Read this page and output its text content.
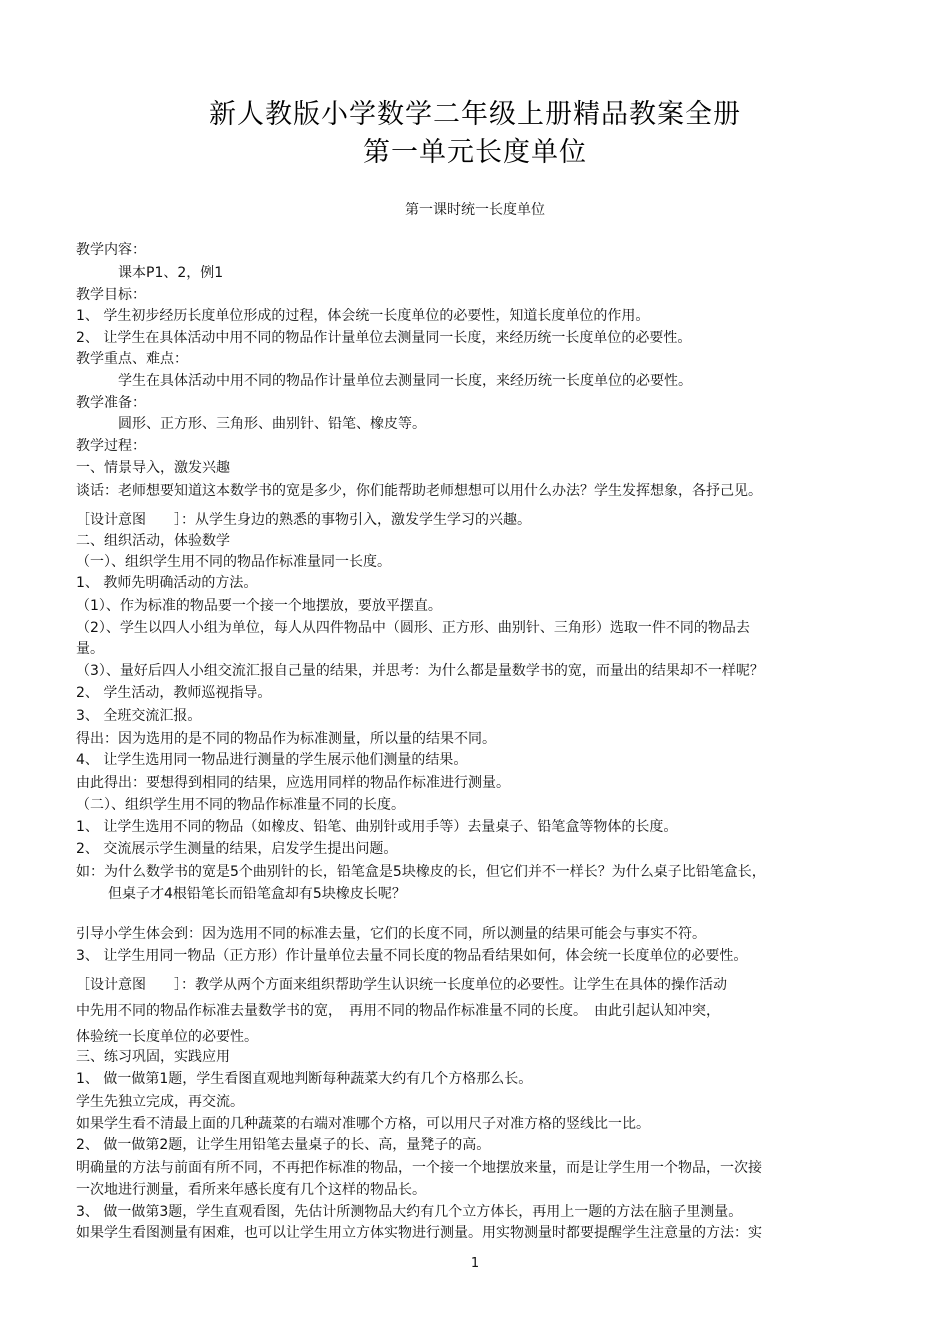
新人教版小学数学二年级上册精品教案全册
第一单元长度单位
第一课时统一长度单位
教学内容：
课本P1、2，例1
教学目标：
1、 学生初步经历长度单位形成的过程，体会统一长度单位的必要性，知道长度单位的作用。
2、 让学生在具体活动中用不同的物品作计量单位去测量同一长度，来经历统一长度单位的必要性。
教学重点、难点：
学生在具体活动中用不同的物品作计量单位去测量同一长度，来经历统一长度单位的必要性。
教学准备：
圆形、正方形、三角形、曲别针、铅笔、橡皮等。
教学过程：
一、情景导入，激发兴趣
谈话：老师想要知道这本数学书的宽是多少，你们能帮助老师想想可以用什么办法？学生发挥想象，各抒己见。
［设计意图　　］：从学生身边的熟悉的事物引入，激发学生学习的兴趣。
二、组织活动，体验数学
（一）、组织学生用不同的物品作标准量同一长度。
1、 教师先明确活动的方法。
（1）、作为标准的物品要一个接一个地摆放，要放平摆直。
（2）、学生以四人小组为单位，每人从四件物品中（圆形、正方形、曲别针、三角形）选取一件不同的物品去
量。
（3）、量好后四人小组交流汇报自己量的结果，并思考：为什么都是量数学书的宽，而量出的结果却不一样呢？
2、 学生活动，教师巡视指导。
3、 全班交流汇报。
得出：因为选用的是不同的物品作为标准测量，所以量的结果不同。
4、 让学生选用同一物品进行测量的学生展示他们测量的结果。
由此得出：要想得到相同的结果，应选用同样的物品作标准进行测量。
（二）、组织学生用不同的物品作标准量不同的长度。
1、 让学生选用不同的物品（如橡皮、铅笔、曲别针或用手等）去量桌子、铅笔盒等物体的长度。
2、 交流展示学生测量的结果，启发学生提出问题。
如：为什么数学书的宽是5个曲别针的长，铅笔盒是5块橡皮的长，但它们并不一样长？为什么桌子比铅笔盒长，
但桌子才4根铅笔长而铅笔盒却有5块橡皮长呢？
引导小学生体会到：因为选用不同的标准去量，它们的长度不同，所以测量的结果可能会与事实不符。
3、 让学生用同一物品（正方形）作计量单位去量不同长度的物品看结果如何，体会统一长度单位的必要性。
［设计意图　　］：教学从两个方面来组织帮助学生认识统一长度单位的必要性。让学生在具体的操作活动
中先用不同的物品作标准去量数学书的宽，　再用不同的物品作标准量不同的长度。　由此引起认知冲突，
体验统一长度单位的必要性。
三、练习巩固，实践应用
1、 做一做第1题，学生看图直观地判断每种蔬菜大约有几个方格那么长。
学生先独立完成，再交流。
如果学生看不清最上面的几种蔬菜的右端对准哪个方格，可以用尺子对准方格的竖线比一比。
2、 做一做第2题，让学生用铅笔去量桌子的长、高，量凳子的高。
明确量的方法与前面有所不同，不再把作标准的物品，一个接一个地摆放来量，而是让学生用一个物品，一次接
一次地进行测量，看所来年感长度有几个这样的物品长。
3、 做一做第3题，学生直观看图，先估计所测物品大约有几个立方体长，再用上一题的方法在脑子里测量。
如果学生看图测量有困难，也可以让学生用立方体实物进行测量。用实物测量时都要提醒学生注意量的方法：实
1
